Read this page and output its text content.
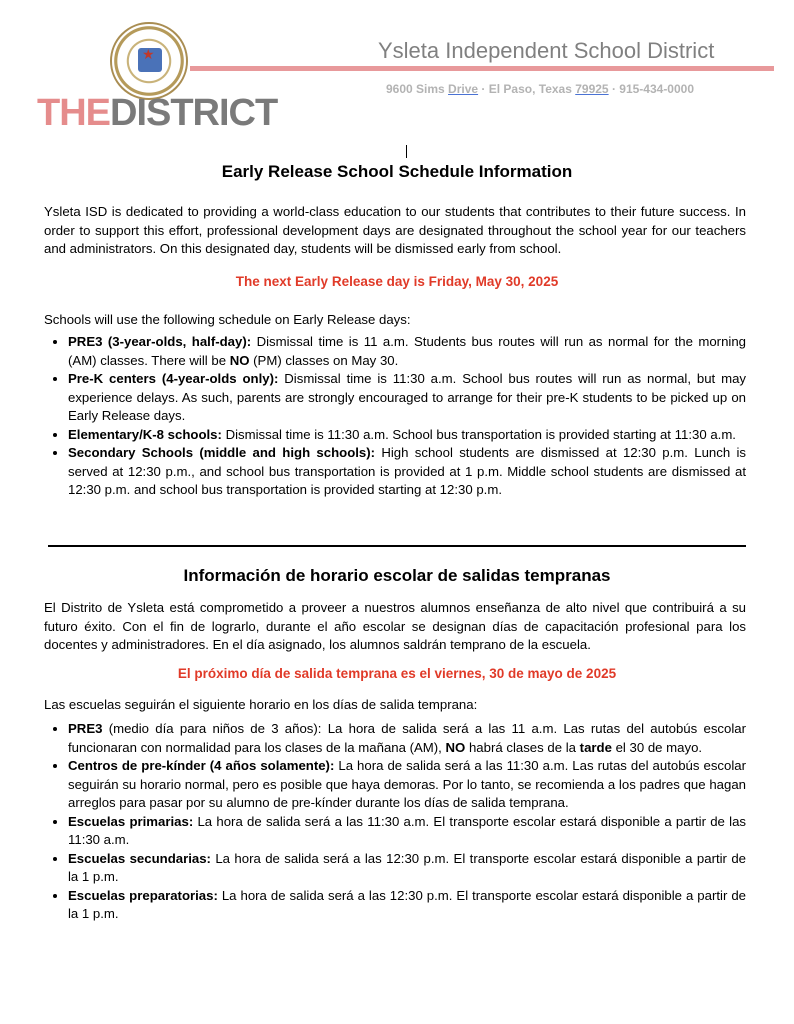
★
THEDISTRICT
Ysleta Independent School District
9600 Sims Drive · El Paso, Texas 79925 · 915-434-0000
Early Release School Schedule Information

Ysleta ISD is dedicated to providing a world-class education to our students that contributes to their future success. In order to support this effort, professional development days are designated throughout the school year for our teachers and administrators. On this designated day, students will be dismissed early from school.

The next Early Release day is Friday, May 30, 2025

Schools will use the following schedule on Early Release days:

• PRE3 (3-year-olds, half-day): Dismissal time is 11 a.m. Students bus routes will run as normal for the morning (AM) classes. There will be NO (PM) classes on May 30.
• Pre-K centers (4-year-olds only): Dismissal time is 11:30 a.m. School bus routes will run as normal, but may experience delays. As such, parents are strongly encouraged to arrange for their pre-K students to be picked up on Early Release days.
• Elementary/K-8 schools: Dismissal time is 11:30 a.m. School bus transportation is provided starting at 11:30 a.m.
• Secondary Schools (middle and high schools): High school students are dismissed at 12:30 p.m. Lunch is served at 12:30 p.m., and school bus transportation is provided at 1 p.m. Middle school students are dismissed at 12:30 p.m. and school bus transportation is provided starting at 12:30 p.m.
Información de horario escolar de salidas tempranas

El Distrito de Ysleta está comprometido a proveer a nuestros alumnos enseñanza de alto nivel que contribuirá a su futuro éxito. Con el fin de lograrlo, durante el año escolar se designan días de capacitación profesional para los docentes y administradores. En el día asignado, los alumnos saldrán temprano de la escuela.

El próximo día de salida temprana es el viernes, 30 de mayo de 2025

Las escuelas seguirán el siguiente horario en los días de salida temprana:

• PRE3 (medio día para niños de 3 años): La hora de salida será a las 11 a.m. Las rutas del autobús escolar funcionaran con normalidad para los clases de la mañana (AM), NO habrá clases de la tarde el 30 de mayo.
• Centros de pre-kínder (4 años solamente): La hora de salida será a las 11:30 a.m. Las rutas del autobús escolar seguirán su horario normal, pero es posible que haya demoras. Por lo tanto, se recomienda a los padres que hagan arreglos para pasar por su alumno de pre-kínder durante los días de salida temprana.
• Escuelas primarias: La hora de salida será a las 11:30 a.m. El transporte escolar estará disponible a partir de las 11:30 a.m.
• Escuelas secundarias: La hora de salida será a las 12:30 p.m. El transporte escolar estará disponible a partir de la 1 p.m.
• Escuelas preparatorias: La hora de salida será a las 12:30 p.m. El transporte escolar estará disponible a partir de la 1 p.m.
